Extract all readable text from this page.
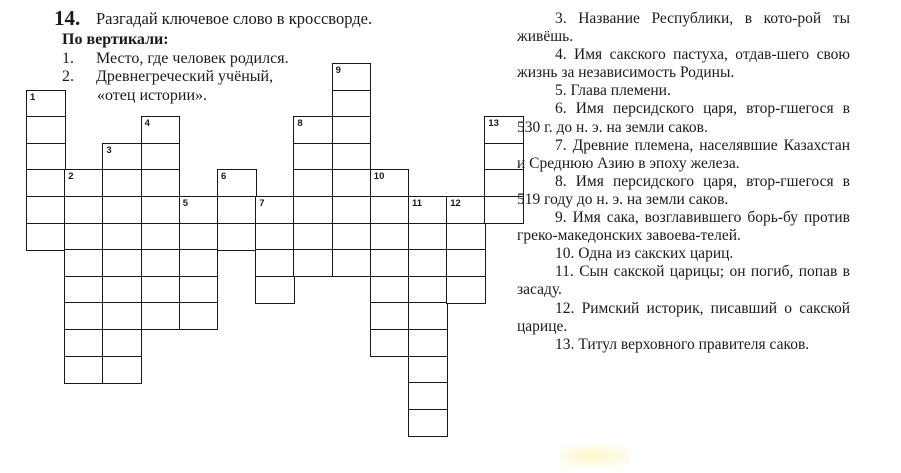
14. Разгадай ключевое слово в кроссворде.
По вертикали:
1. Место, где человек родился.
2. Древнегреческий учёный,
«отец истории».
1
2
3
4
5
6
7
8
9
10
11	12
13

3. Название Республики, в кото-рой ты живёшь.

4. Имя сакского пастуха, отдав-шего свою жизнь за независимость Родины.

5. Глава племени.

6. Имя персидского царя, втор-гшегося в 530 г. до н. э. на земли саков.

7. Древние племена, населявшие Казахстан и Среднюю Азию в эпоху железа.

8. Имя персидского царя, втор-гшегося в 519 году до н. э. на земли саков.

9. Имя сака, возглавившего борь-бу против греко-македонских завоева-телей.

10. Одна из сакских цариц.

11. Сын сакской царицы; он погиб, попав в засаду.

12. Римский историк, писавший о сакской царице.

13. Титул верховного правителя саков.
